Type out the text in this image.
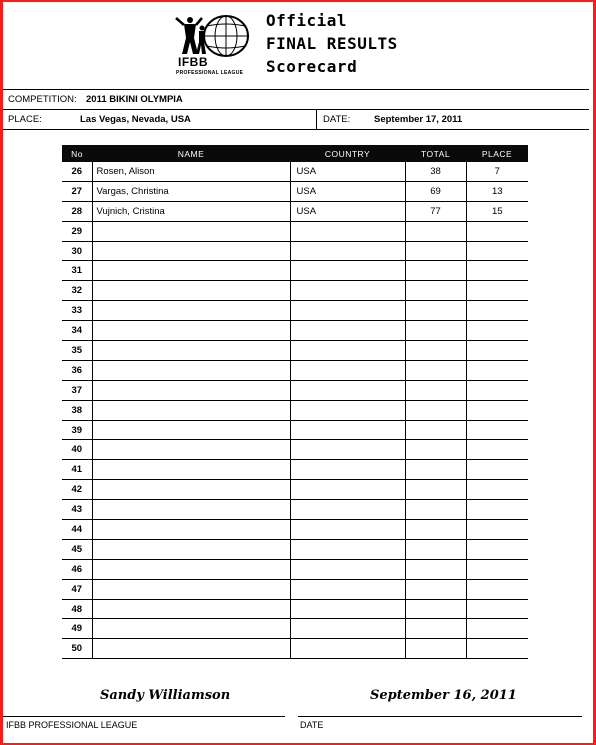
IFBB
PROFESSIONAL LEAGUE
Official
FINAL RESULTS
Scorecard
COMPETITION: 2011 BIKINI OLYMPIA
PLACE:	Las Vegas, Nevada, USA	DATE: September 17, 2011
No	NAME	COUNTRY	TOTAL	PLACE
26	Rosen, Alison	USA	38	7
27	Vargas, Christina	USA	69	13
28	Vujnich, Cristina	USA	77	15
29				
30				
31				
32				
33				
34				
35				
36				
37				
38				
39				
40				
41				
42				
43				
44				
45				
46				
47				
48				
49				
50				
Sandy Williamson	September 16, 2011
IFBB PROFESSIONAL LEAGUE	DATE
